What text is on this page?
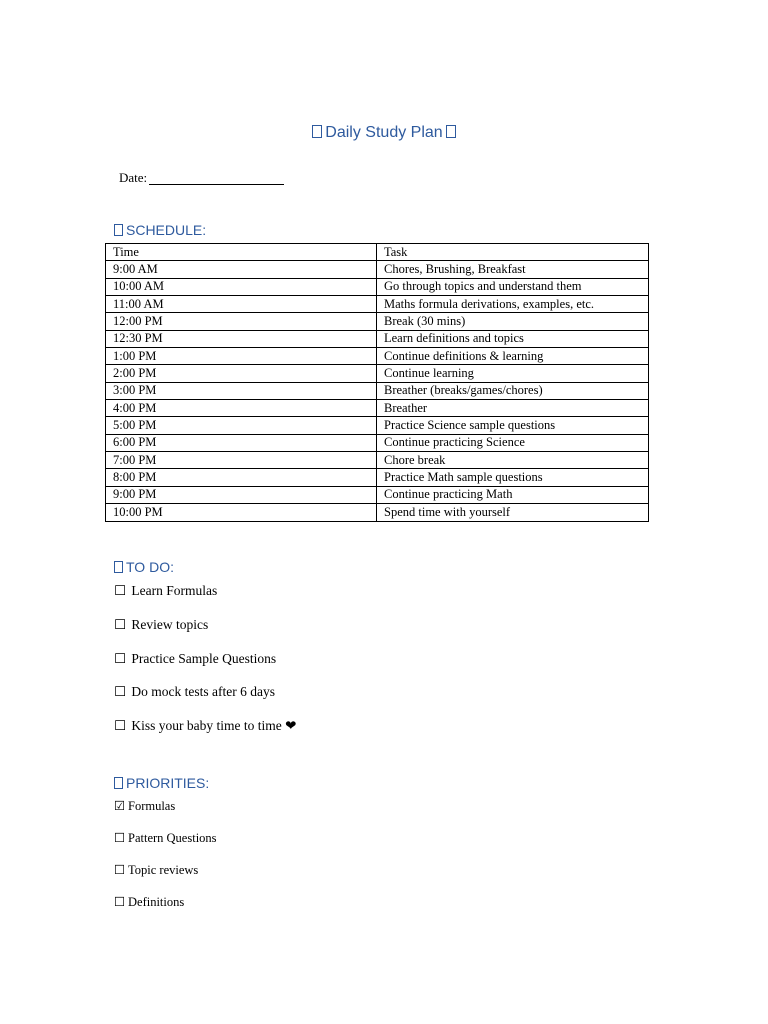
Daily Study Plan
Date:
SCHEDULE:
Time	Task
9:00 AM	Chores, Brushing, Breakfast
10:00 AM	Go through topics and understand them
11:00 AM	Maths formula derivations, examples, etc.
12:00 PM	Break (30 mins)
12:30 PM	Learn definitions and topics
1:00 PM	Continue definitions & learning
2:00 PM	Continue learning
3:00 PM	Breather (breaks/games/chores)
4:00 PM	Breather
5:00 PM	Practice Science sample questions
6:00 PM	Continue practicing Science
7:00 PM	Chore break
8:00 PM	Practice Math sample questions
9:00 PM	Continue practicing Math
10:00 PM	Spend time with yourself
TO DO:
☐ Learn Formulas
☐ Review topics
☐ Practice Sample Questions
☐ Do mock tests after 6 days
☐ Kiss your baby time to time ❤
PRIORITIES:
☑ Formulas
☐ Pattern Questions
☐ Topic reviews
☐ Definitions
